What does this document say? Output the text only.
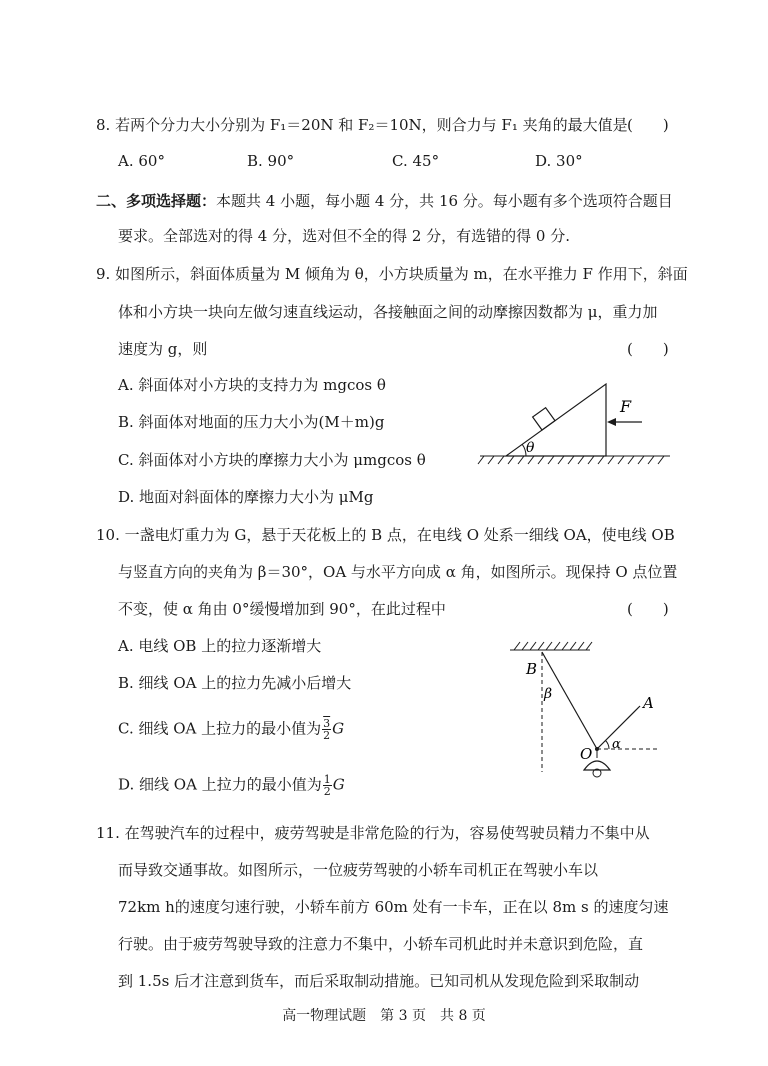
8. 若两个分力大小分别为 F₁＝20N 和 F₂＝10N，则合力与 F₁ 夹角的最大值是 (　　)
A. 60°	B. 90°	C. 45°	D. 30°
二、多项选择题：本题共 4 小题，每小题 4 分，共 16 分。每小题有多个选项符合题目
要求。全部选对的得 4 分，选对但不全的得 2 分，有选错的得 0 分.
9. 如图所示，斜面体质量为 M 倾角为 θ，小方块质量为 m，在水平推力 F 作用下，斜面
体和小方块一块向左做匀速直线运动，各接触面之间的动摩擦因数都为 μ，重力加
速度为 g，则	(　　)
A. 斜面体对小方块的支持力为 mgcos θ
B. 斜面体对地面的压力大小为(M＋m)g
C. 斜面体对小方块的摩擦力大小为 μmgcos θ
D. 地面对斜面体的摩擦力大小为 μMg
θ
F
10. 一盏电灯重力为 G，悬于天花板上的 B 点，在电线 O 处系一细线 OA，使电线 OB
与竖直方向的夹角为 β＝30°，OA 与水平方向成 α 角，如图所示。现保持 O 点位置
不变，使 α 角由 0°缓慢增加到 90°，在此过程中	(　　)
A. 电线 OB 上的拉力逐渐增大
B. 细线 OA 上的拉力先减小后增大
C. 细线 OA 上拉力的最小值为 $\frac{3}{2}$ G
D. 细线 OA 上拉力的最小值为 $\frac{1}{2}$ G
B
β	A
O
α
11. 在驾驶汽车的过程中，疲劳驾驶是非常危险的行为，容易使驾驶员精力不集中从
而导致交通事故。如图所示，一位疲劳驾驶的小轿车司机正在驾驶小车以
72km h的速度匀速行驶，小轿车前方 60m 处有一卡车，正在以 8m s 的速度匀速
行驶。由于疲劳驾驶导致的注意力不集中，小轿车司机此时并未意识到危险，直
到 1.5s 后才注意到货车，而后采取制动措施。已知司机从发现危险到采取制动
高一物理试题　第 3 页　共 8 页
